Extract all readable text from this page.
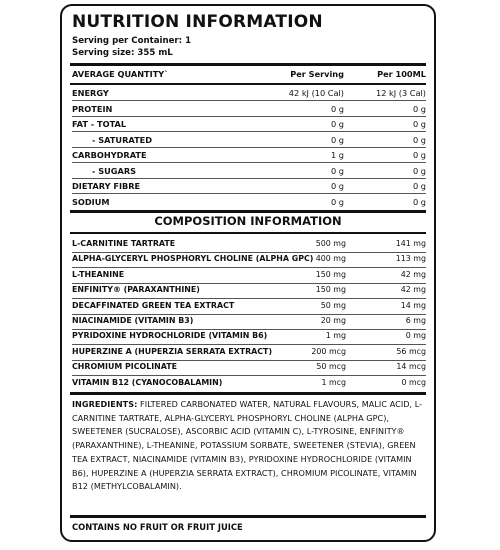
NUTRITION INFORMATION
Serving per Container: 1
Serving size: 355 mL
AVERAGE QUANTITY`	Per Serving	Per 100ML
ENERGY	42 kJ (10 Cal)	12 kJ (3 Cal)
PROTEIN	0 g	0 g
FAT - TOTAL	0 g	0 g
- SATURATED	0 g	0 g
CARBOHYDRATE	1 g	0 g
- SUGARS	0 g	0 g
DIETARY FIBRE	0 g	0 g
SODIUM	0 g	0 g
COMPOSITION INFORMATION
L-CARNITINE TARTRATE	500 mg	141 mg
ALPHA-GLYCERYL PHOSPHORYL CHOLINE (ALPHA GPC) 400 mg	113 mg
L-THEANINE	150 mg	42 mg
ENFINITY® (PARAXANTHINE)	150 mg	42 mg
DECAFFINATED GREEN TEA EXTRACT	50 mg	14 mg
NIACINAMIDE (VITAMIN B3)	20 mg	6 mg
PYRIDOXINE HYDROCHLORIDE (VITAMIN B6)	1 mg	0 mg
HUPERZINE A (HUPERZIA SERRATA EXTRACT)	200 mcg	56 mcg
CHROMIUM PICOLINATE	50 mcg	14 mcg
VITAMIN B12 (CYANOCOBALAMIN)	1 mcg	0 mcg
INGREDIENTS: FILTERED CARBONATED WATER, NATURAL FLAVOURS, MALIC ACID, L-CARNITINE TARTRATE, ALPHA-GLYCERYL PHOSPHORYL CHOLINE (ALPHA GPC), SWEETENER (SUCRALOSE), ASCORBIC ACID (VITAMIN C), L-TYROSINE, ENFINITY® (PARAXANTHINE), L-THEANINE, POTASSIUM SORBATE, SWEETENER (STEVIA), GREEN TEA EXTRACT, NIACINAMIDE (VITAMIN B3), PYRIDOXINE HYDROCHLORIDE (VITAMIN B6), HUPERZINE A (HUPERZIA SERRATA EXTRACT), CHROMIUM PICOLINATE, VITAMIN B12 (METHYLCOBALAMIN).
CONTAINS NO FRUIT OR FRUIT JUICE
